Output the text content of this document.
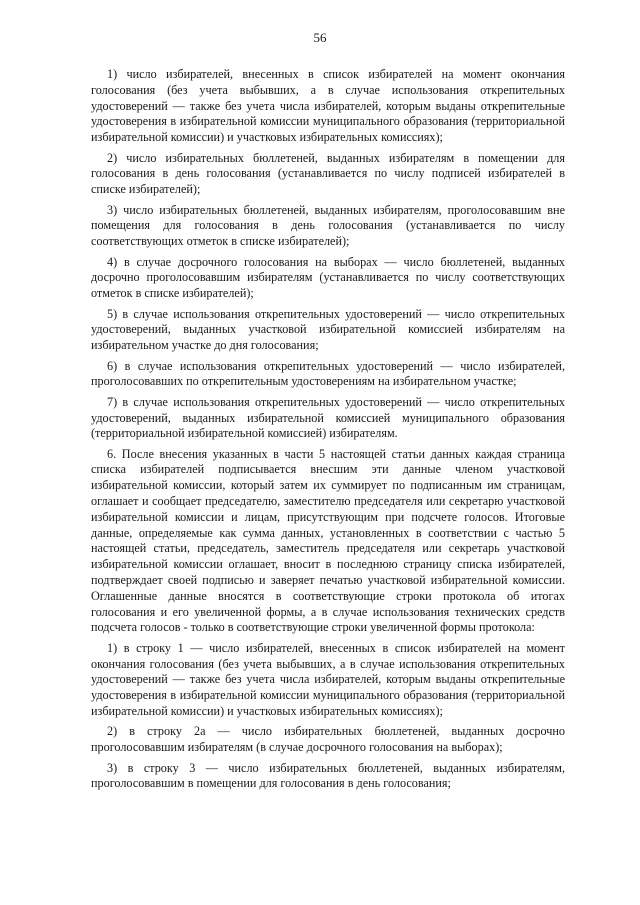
56

1) число избирателей, внесенных в список избирателей на момент окончания голосования (без учета выбывших, а в случае использования открепительных удостоверений — также без учета числа избирателей, которым выданы открепительные удостоверения в избирательной комиссии муниципального образования (территориальной избирательной комиссии) и участковых избирательных комиссиях);

2) число избирательных бюллетеней, выданных избирателям в помещении для голосования в день голосования (устанавливается по числу подписей избирателей в списке избирателей);

3) число избирательных бюллетеней, выданных избирателям, проголосовавшим вне помещения для голосования в день голосования (устанавливается по числу соответствующих отметок в списке избирателей);

4) в случае досрочного голосования на выборах — число бюллетеней, выданных досрочно проголосовавшим избирателям (устанавливается по числу соответствующих отметок в списке избирателей);

5) в случае использования открепительных удостоверений — число открепительных удостоверений, выданных участковой избирательной комиссией избирателям на избирательном участке до дня голосования;

6) в случае использования открепительных удостоверений — число избирателей, проголосовавших по открепительным удостоверениям на избирательном участке;

7) в случае использования открепительных удостоверений — число открепительных удостоверений, выданных избирательной комиссией муниципального образования (территориальной избирательной комиссией) избирателям.

6. После внесения указанных в части 5 настоящей статьи данных каждая страница списка избирателей подписывается внесшим эти данные членом участковой избирательной комиссии, который затем их суммирует по подписанным им страницам, оглашает и сообщает председателю, заместителю председателя или секретарю участковой избирательной комиссии и лицам, присутствующим при подсчете голосов. Итоговые данные, определяемые как сумма данных, установленных в соответствии с частью 5 настоящей статьи, председатель, заместитель председателя или секретарь участковой избирательной комиссии оглашает, вносит в последнюю страницу списка избирателей, подтверждает своей подписью и заверяет печатью участковой избирательной комиссии. Оглашенные данные вносятся в соответствующие строки протокола об итогах голосования и его увеличенной формы, а в случае использования технических средств подсчета голосов - только в соответствующие строки увеличенной формы протокола:

1) в строку 1 — число избирателей, внесенных в список избирателей на момент окончания голосования (без учета выбывших, а в случае использования открепительных удостоверений — также без учета числа избирателей, которым выданы открепительные удостоверения в избирательной комиссии муниципального образования (территориальной избирательной комиссии) и участковых избирательных комиссиях);

2) в строку 2а — число избирательных бюллетеней, выданных досрочно проголосовавшим избирателям (в случае досрочного голосования на выборах);

3) в строку 3 — число избирательных бюллетеней, выданных избирателям, проголосовавшим в помещении для голосования в день голосования;
